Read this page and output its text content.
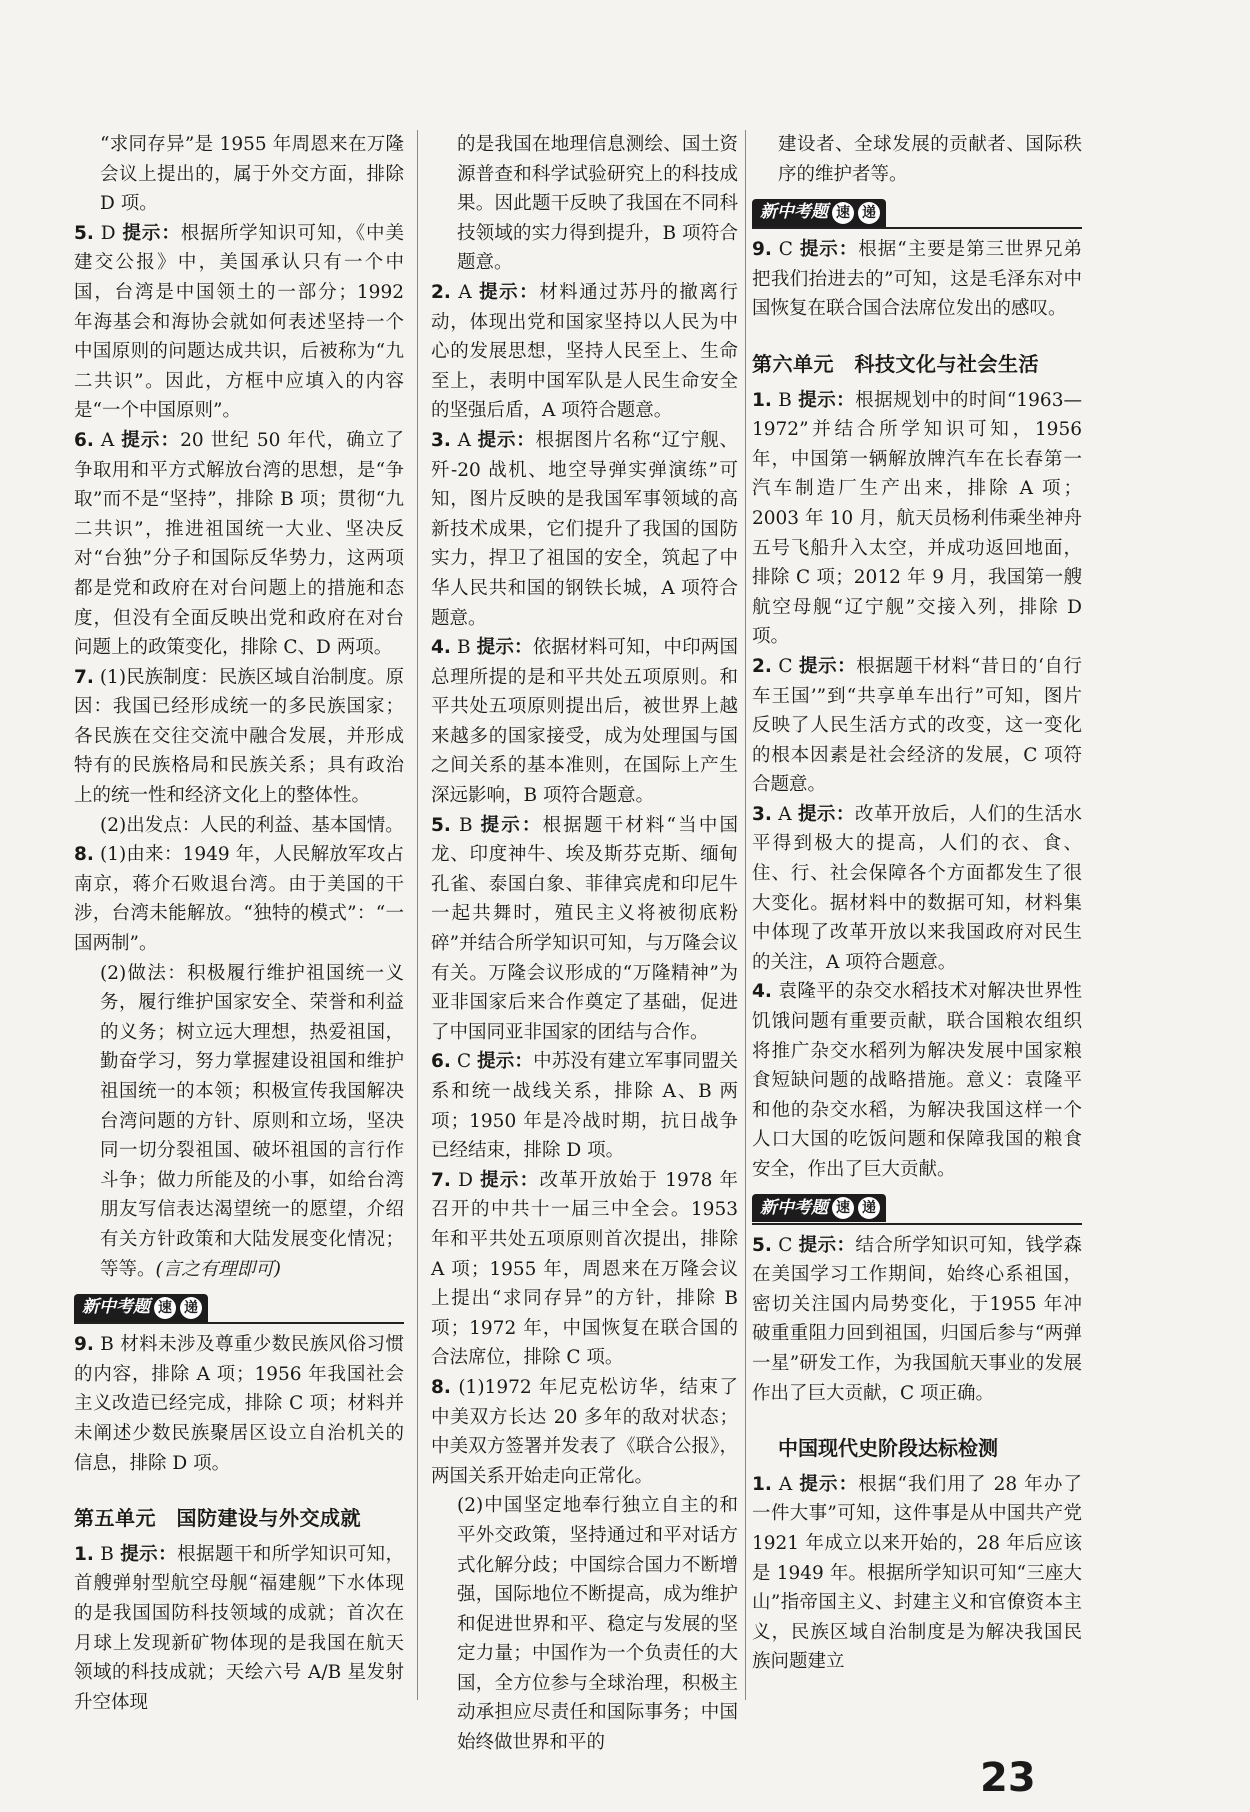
“求同存异”是 1955 年周恩来在万隆会议上提出的，属于外交方面，排除 D 项。

5. D 提示：根据所学知识可知，《中美建交公报》中，美国承认只有一个中国，台湾是中国领土的一部分；1992 年海基会和海协会就如何表述坚持一个中国原则的问题达成共识，后被称为“九二共识”。因此，方框中应填入的内容是“一个中国原则”。

6. A 提示：20 世纪 50 年代，确立了争取用和平方式解放台湾的思想，是“争取”而不是“坚持”，排除 B 项；贯彻“九二共识”，推进祖国统一大业、坚决反对“台独”分子和国际反华势力，这两项都是党和政府在对台问题上的措施和态度，但没有全面反映出党和政府在对台问题上的政策变化，排除 C、D 两项。

7. (1)民族制度：民族区域自治制度。原因：我国已经形成统一的多民族国家；各民族在交往交流中融合发展，并形成特有的民族格局和民族关系；具有政治上的统一性和经济文化上的整体性。

(2)出发点：人民的利益、基本国情。

8. (1)由来：1949 年，人民解放军攻占南京，蒋介石败退台湾。由于美国的干涉，台湾未能解放。“独特的模式”：“一国两制”。

(2)做法：积极履行维护祖国统一义务，履行维护国家安全、荣誉和利益的义务；树立远大理想，热爱祖国，勤奋学习，努力掌握建设祖国和维护祖国统一的本领；积极宣传我国解决台湾问题的方针、原则和立场，坚决同一切分裂祖国、破坏祖国的言行作斗争；做力所能及的小事，如给台湾朋友写信表达渴望统一的愿望，介绍有关方针政策和大陆发展变化情况；等等。(言之有理即可)

新中考题 速 递

9. B 材料未涉及尊重少数民族风俗习惯的内容，排除 A 项；1956 年我国社会主义改造已经完成，排除 C 项；材料并未阐述少数民族聚居区设立自治机关的信息，排除 D 项。

第五单元　国防建设与外交成就

1. B 提示：根据题干和所学知识可知，首艘弹射型航空母舰“福建舰”下水体现的是我国国防科技领域的成就；首次在月球上发现新矿物体现的是我国在航天领域的科技成就；天绘六号 A/B 星发射升空体现

的是我国在地理信息测绘、国土资源普查和科学试验研究上的科技成果。因此题干反映了我国在不同科技领域的实力得到提升，B 项符合题意。

2. A 提示：材料通过苏丹的撤离行动，体现出党和国家坚持以人民为中心的发展思想，坚持人民至上、生命至上，表明中国军队是人民生命安全的坚强后盾，A 项符合题意。

3. A 提示：根据图片名称“辽宁舰、歼-20 战机、地空导弹实弹演练”可知，图片反映的是我国军事领域的高新技术成果，它们提升了我国的国防实力，捍卫了祖国的安全，筑起了中华人民共和国的钢铁长城，A 项符合题意。

4. B 提示：依据材料可知，中印两国总理所提的是和平共处五项原则。和平共处五项原则提出后，被世界上越来越多的国家接受，成为处理国与国之间关系的基本准则，在国际上产生深远影响，B 项符合题意。

5. B 提示：根据题干材料“当中国龙、印度神牛、埃及斯芬克斯、缅甸孔雀、泰国白象、菲律宾虎和印尼牛一起共舞时，殖民主义将被彻底粉碎”并结合所学知识可知，与万隆会议有关。万隆会议形成的“万隆精神”为亚非国家后来合作奠定了基础，促进了中国同亚非国家的团结与合作。

6. C 提示：中苏没有建立军事同盟关系和统一战线关系，排除 A、B 两项；1950 年是冷战时期，抗日战争已经结束，排除 D 项。

7. D 提示：改革开放始于 1978 年召开的中共十一届三中全会。1953 年和平共处五项原则首次提出，排除 A 项；1955 年，周恩来在万隆会议上提出“求同存异”的方针，排除 B 项；1972 年，中国恢复在联合国的合法席位，排除 C 项。

8. (1)1972 年尼克松访华，结束了中美双方长达 20 多年的敌对状态；中美双方签署并发表了《联合公报》，两国关系开始走向正常化。

(2)中国坚定地奉行独立自主的和平外交政策，坚持通过和平对话方式化解分歧；中国综合国力不断增强，国际地位不断提高，成为维护和促进世界和平、稳定与发展的坚定力量；中国作为一个负责任的大国，全方位参与全球治理，积极主动承担应尽责任和国际事务；中国始终做世界和平的

建设者、全球发展的贡献者、国际秩序的维护者等。

新中考题 速 递

9. C 提示：根据“主要是第三世界兄弟把我们抬进去的”可知，这是毛泽东对中国恢复在联合国合法席位发出的感叹。

第六单元　科技文化与社会生活

1. B 提示：根据规划中的时间“1963—1972”并结合所学知识可知，1956 年，中国第一辆解放牌汽车在长春第一汽车制造厂生产出来，排除 A 项；2003 年 10 月，航天员杨利伟乘坐神舟五号飞船升入太空，并成功返回地面，排除 C 项；2012 年 9 月，我国第一艘航空母舰“辽宁舰”交接入列，排除 D 项。

2. C 提示：根据题干材料“昔日的‘自行车王国’”到“共享单车出行”可知，图片反映了人民生活方式的改变，这一变化的根本因素是社会经济的发展，C 项符合题意。

3. A 提示：改革开放后，人们的生活水平得到极大的提高，人们的衣、食、住、行、社会保障各个方面都发生了很大变化。据材料中的数据可知，材料集中体现了改革开放以来我国政府对民生的关注，A 项符合题意。

4. 袁隆平的杂交水稻技术对解决世界性饥饿问题有重要贡献，联合国粮农组织将推广杂交水稻列为解决发展中国家粮食短缺问题的战略措施。意义：袁隆平和他的杂交水稻，为解决我国这样一个人口大国的吃饭问题和保障我国的粮食安全，作出了巨大贡献。

新中考题 速 递

5. C 提示：结合所学知识可知，钱学森在美国学习工作期间，始终心系祖国，密切关注国内局势变化，于1955 年冲破重重阻力回到祖国，归国后参与“两弹一星”研发工作，为我国航天事业的发展作出了巨大贡献，C 项正确。

中国现代史阶段达标检测

1. A 提示：根据“我们用了 28 年办了一件大事”可知，这件事是从中国共产党 1921 年成立以来开始的，28 年后应该是 1949 年。根据所学知识可知“三座大山”指帝国主义、封建主义和官僚资本主义，民族区域自治制度是为解决我国民族问题建立

23
